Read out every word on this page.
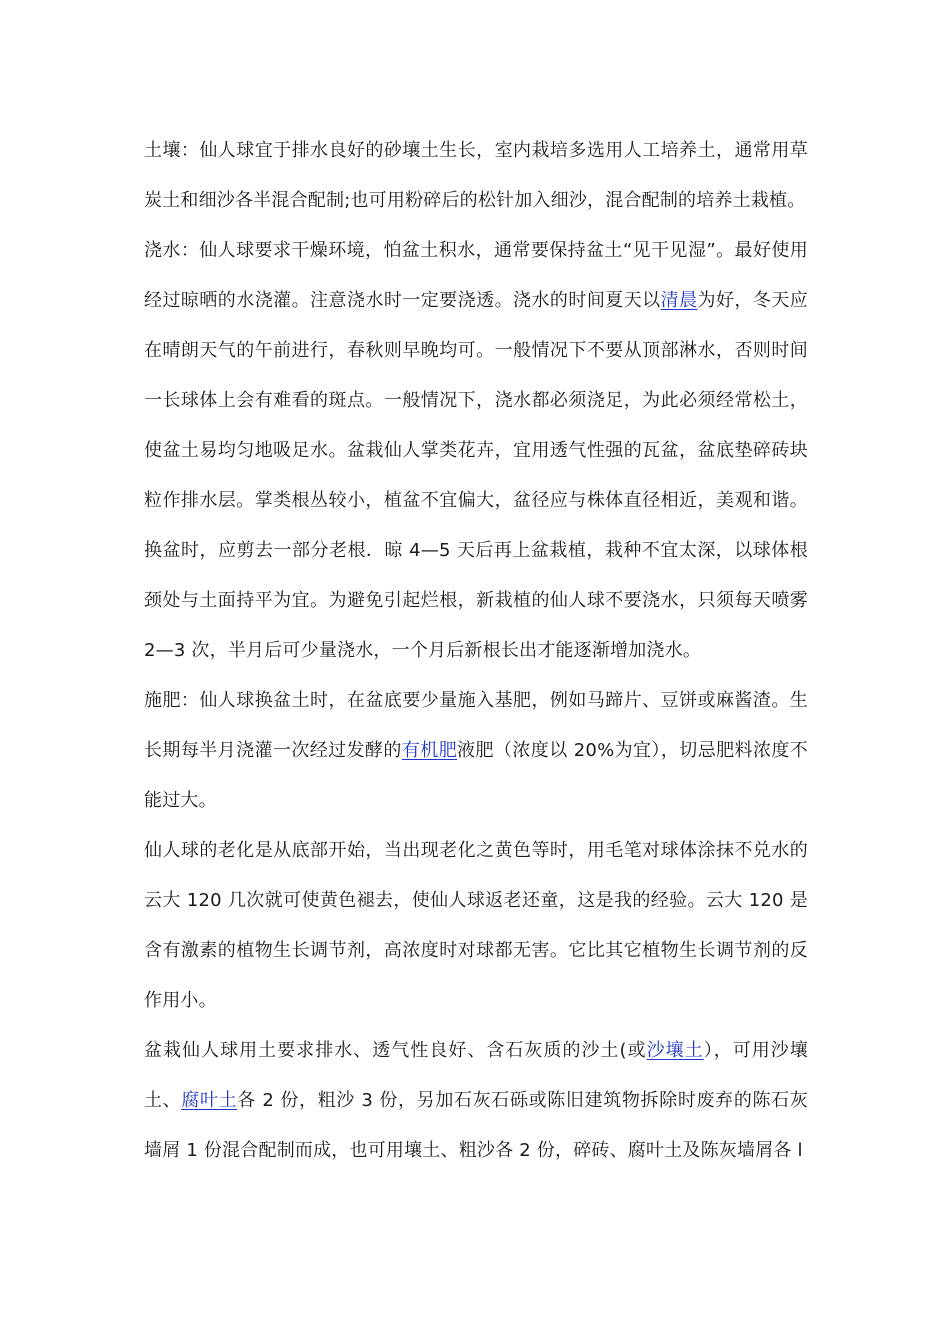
土壤：仙人球宜于排水良好的砂壤土生长，室内栽培多选用人工培养土，通常用草炭土和细沙各半混合配制;也可用粉碎后的松针加入细沙，混合配制的培养土栽植。

浇水：仙人球要求干燥环境，怕盆土积水，通常要保持盆土“见干见湿”。最好使用经过晾晒的水浇灌。注意浇水时一定要浇透。浇水的时间夏天以清晨为好，冬天应在晴朗天气的午前进行，春秋则早晚均可。一般情况下不要从顶部淋水，否则时间一长球体上会有难看的斑点。一般情况下，浇水都必须浇足，为此必须经常松土，使盆土易均匀地吸足水。盆栽仙人掌类花卉，宜用透气性强的瓦盆，盆底垫碎砖块粒作排水层。掌类根丛较小，植盆不宜偏大，盆径应与株体直径相近，美观和谐。换盆时，应剪去一部分老根．晾 4—5 天后再上盆栽植，栽种不宜太深，以球体根颈处与土面持平为宜。为避免引起烂根，新栽植的仙人球不要浇水，只须每天喷雾 2—3 次，半月后可少量浇水，一个月后新根长出才能逐渐增加浇水。

施肥：仙人球换盆土时，在盆底要少量施入基肥，例如马蹄片、豆饼或麻酱渣。生长期每半月浇灌一次经过发酵的有机肥液肥（浓度以 20%为宜），切忌肥料浓度不能过大。

仙人球的老化是从底部开始，当出现老化之黄色等时，用毛笔对球体涂抹不兑水的云大 120 几次就可使黄色褪去，使仙人球返老还童，这是我的经验。云大 120 是含有激素的植物生长调节剂，高浓度时对球都无害。它比其它植物生长调节剂的反作用小。

盆栽仙人球用土要求排水、透气性良好、含石灰质的沙土(或沙壤土），可用沙壤土、腐叶土各 2 份，粗沙 3 份，另加石灰石砾或陈旧建筑物拆除时废弃的陈石灰墙屑 1 份混合配制而成，也可用壤土、粗沙各 2 份，碎砖、腐叶土及陈灰墙屑各 l
